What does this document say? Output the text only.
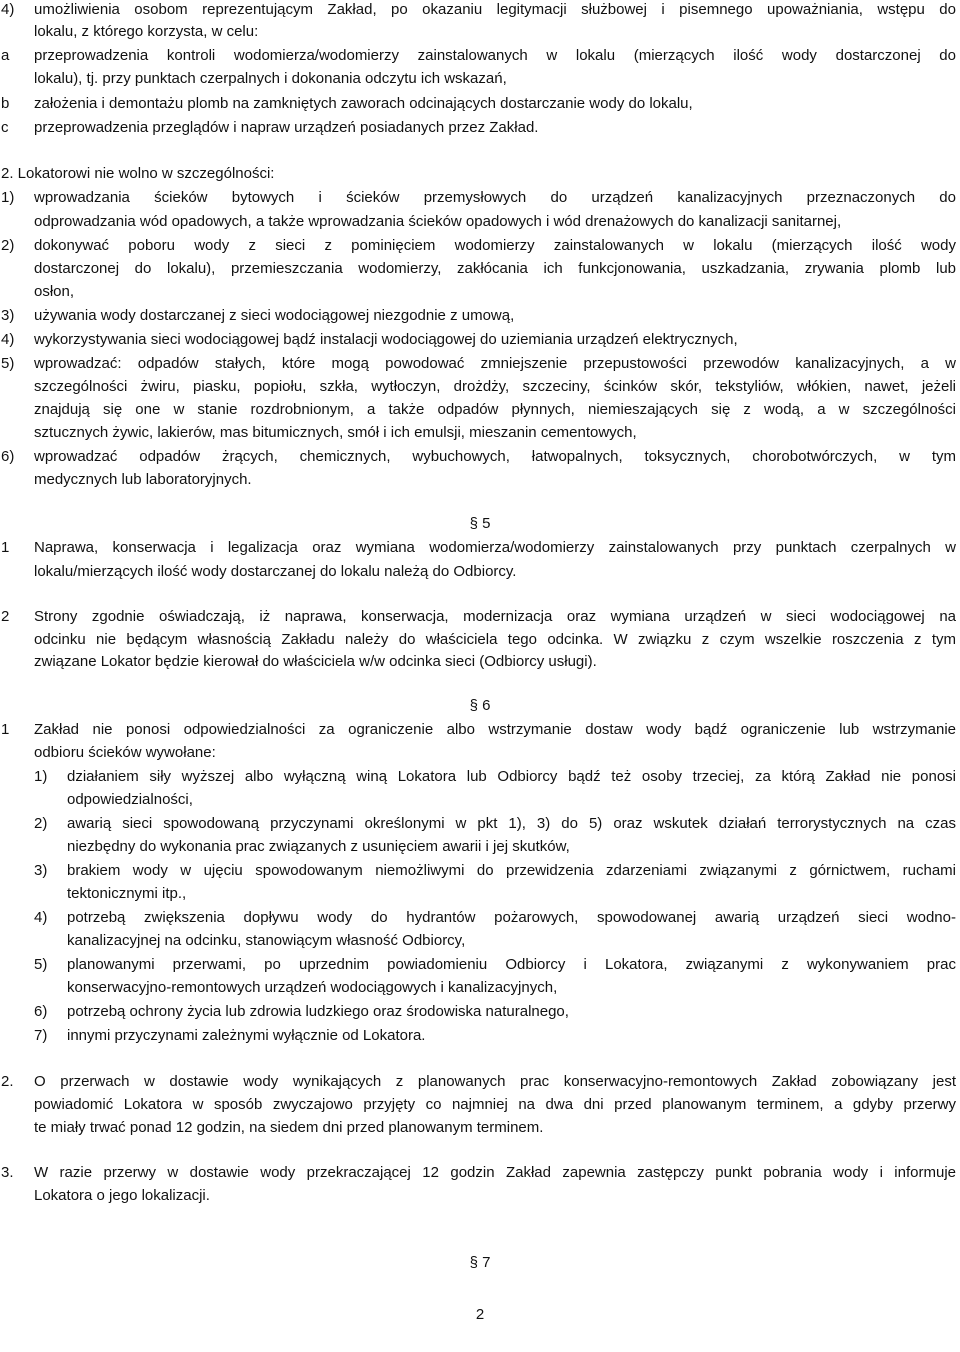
4) umożliwienia osobom reprezentującym Zakład, po okazaniu legitymacji służbowej i pisemnego upoważniania, wstępu do
lokalu, z którego korzysta, w celu:
a przeprowadzenia kontroli wodomierza/wodomierzy zainstalowanych w lokalu (mierzących ilość wody dostarczonej do
lokalu), tj. przy punktach czerpalnych i dokonania odczytu ich wskazań,
b założenia i demontażu plomb na zamkniętych zaworach odcinających dostarczanie wody do lokalu,
c przeprowadzenia przeglądów i napraw urządzeń posiadanych przez Zakład.
2. Lokatorowi nie wolno w szczególności:
1) wprowadzania ścieków bytowych i ścieków przemysłowych do urządzeń kanalizacyjnych przeznaczonych do
odprowadzania wód opadowych, a także wprowadzania ścieków opadowych i wód drenażowych do kanalizacji sanitarnej,
2) dokonywać poboru wody z sieci z pominięciem wodomierzy zainstalowanych w lokalu (mierzących ilość wody
dostarczonej do lokalu), przemieszczania wodomierzy, zakłócania ich funkcjonowania, uszkadzania, zrywania plomb lub
osłon,
3) używania wody dostarczanej z sieci wodociągowej niezgodnie z umową,
4) wykorzystywania sieci wodociągowej bądź instalacji wodociągowej do uziemiania urządzeń elektrycznych,
5) wprowadzać: odpadów stałych, które mogą powodować zmniejszenie przepustowości przewodów kanalizacyjnych, a w
szczególności żwiru, piasku, popiołu, szkła, wytłoczyn, drożdży, szczeciny, ścinków skór, tekstyliów, włókien, nawet, jeżeli
znajdują się one w stanie rozdrobnionym, a także odpadów płynnych, niemieszających się z wodą, a w szczególności
sztucznych żywic, lakierów, mas bitumicznych, smół i ich emulsji, mieszanin cementowych,
6) wprowadzać odpadów żrących, chemicznych, wybuchowych, łatwopalnych, toksycznych, chorobotwórczych, w tym
medycznych lub laboratoryjnych.
§ 5
1 Naprawa, konserwacja i legalizacja oraz wymiana wodomierza/wodomierzy zainstalowanych przy punktach czerpalnych w
lokalu/mierzących ilość wody dostarczanej do lokalu należą do Odbiorcy.
2 Strony zgodnie oświadczają, iż naprawa, konserwacja, modernizacja oraz wymiana urządzeń w sieci wodociągowej na
odcinku nie będącym własnością Zakładu należy do właściciela tego odcinka. W związku z czym wszelkie roszczenia z tym
związane Lokator będzie kierował do właściciela w/w odcinka sieci (Odbiorcy usługi).
§ 6
1 Zakład nie ponosi odpowiedzialności za ograniczenie albo wstrzymanie dostaw wody bądź ograniczenie lub wstrzymanie
odbioru ścieków wywołane:
1) działaniem siły wyższej albo wyłączną winą Lokatora lub Odbiorcy bądź też osoby trzeciej, za którą Zakład nie ponosi
odpowiedzialności,
2) awarią sieci spowodowaną przyczynami określonymi w pkt 1), 3) do 5) oraz wskutek działań terrorystycznych na czas
niezbędny do wykonania prac związanych z usunięciem awarii i jej skutków,
3) brakiem wody w ujęciu spowodowanym niemożliwymi do przewidzenia zdarzeniami związanymi z górnictwem, ruchami
tektonicznymi itp.,
4) potrzebą zwiększenia dopływu wody do hydrantów pożarowych, spowodowanej awarią urządzeń sieci wodno-
kanalizacyjnej na odcinku, stanowiącym własność Odbiorcy,
5) planowanymi przerwami, po uprzednim powiadomieniu Odbiorcy i Lokatora, związanymi z wykonywaniem prac
konserwacyjno-remontowych urządzeń wodociągowych i kanalizacyjnych,
6) potrzebą ochrony życia lub zdrowia ludzkiego oraz środowiska naturalnego,
7) innymi przyczynami zależnymi wyłącznie od Lokatora.
2. O przerwach w dostawie wody wynikających z planowanych prac konserwacyjno-remontowych Zakład zobowiązany jest
powiadomić Lokatora w sposób zwyczajowo przyjęty co najmniej na dwa dni przed planowanym terminem, a gdyby przerwy
te miały trwać ponad 12 godzin, na siedem dni przed planowanym terminem.
3. W razie przerwy w dostawie wody przekraczającej 12 godzin Zakład zapewnia zastępczy punkt pobrania wody i informuje
Lokatora o jego lokalizacji.
§ 7
2
